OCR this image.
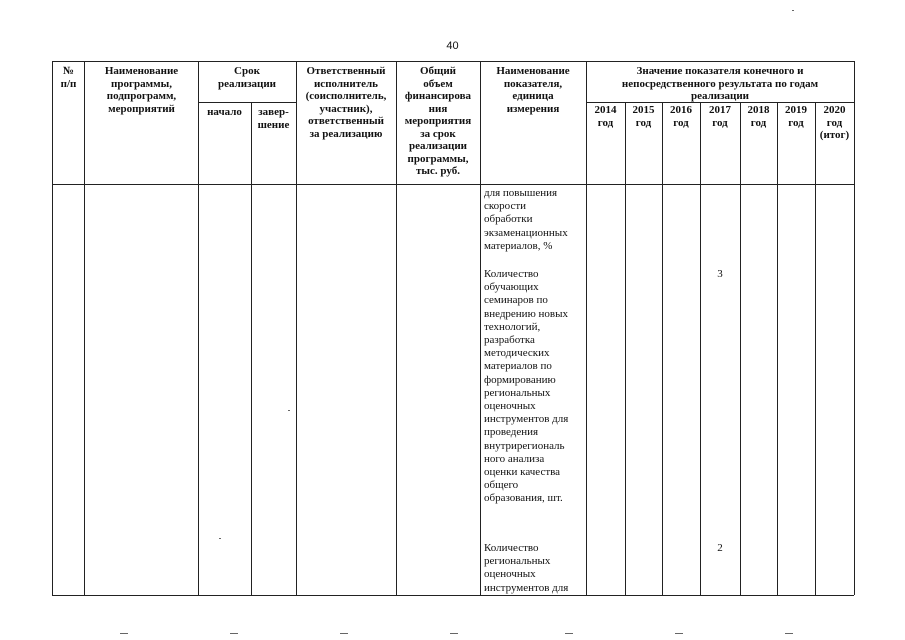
40
№
п/п
Наименование
программы,
подпрограмм,
мероприятий
Срок
реализации
начало	завер-
шение
Ответственный
исполнитель
(соисполнитель,
участник),
ответственный
за реализацию
Общий
объем
финансирова
ния
мероприятия
за срок
реализации
программы,
тыс. руб.
Наименование
показателя,
единица
измерения
Значение показателя конечного и
непосредственного результата по годам
реализации
2014
год
2015
год
2016
год
2017
год
2018
год
2019
год
2020
год
(итог)
для повышения
скорости
обработки
экзаменационных
материалов, %
Количество
обучающих
семинаров по
внедрению новых
технологий,
разработка
методических
материалов по
формированию
региональных
оценочных
инструментов для
проведения
внутрирегиональ
ного анализа
оценки качества
общего
образования, шт.
3
Количество
региональных
оценочных
инструментов для
2
